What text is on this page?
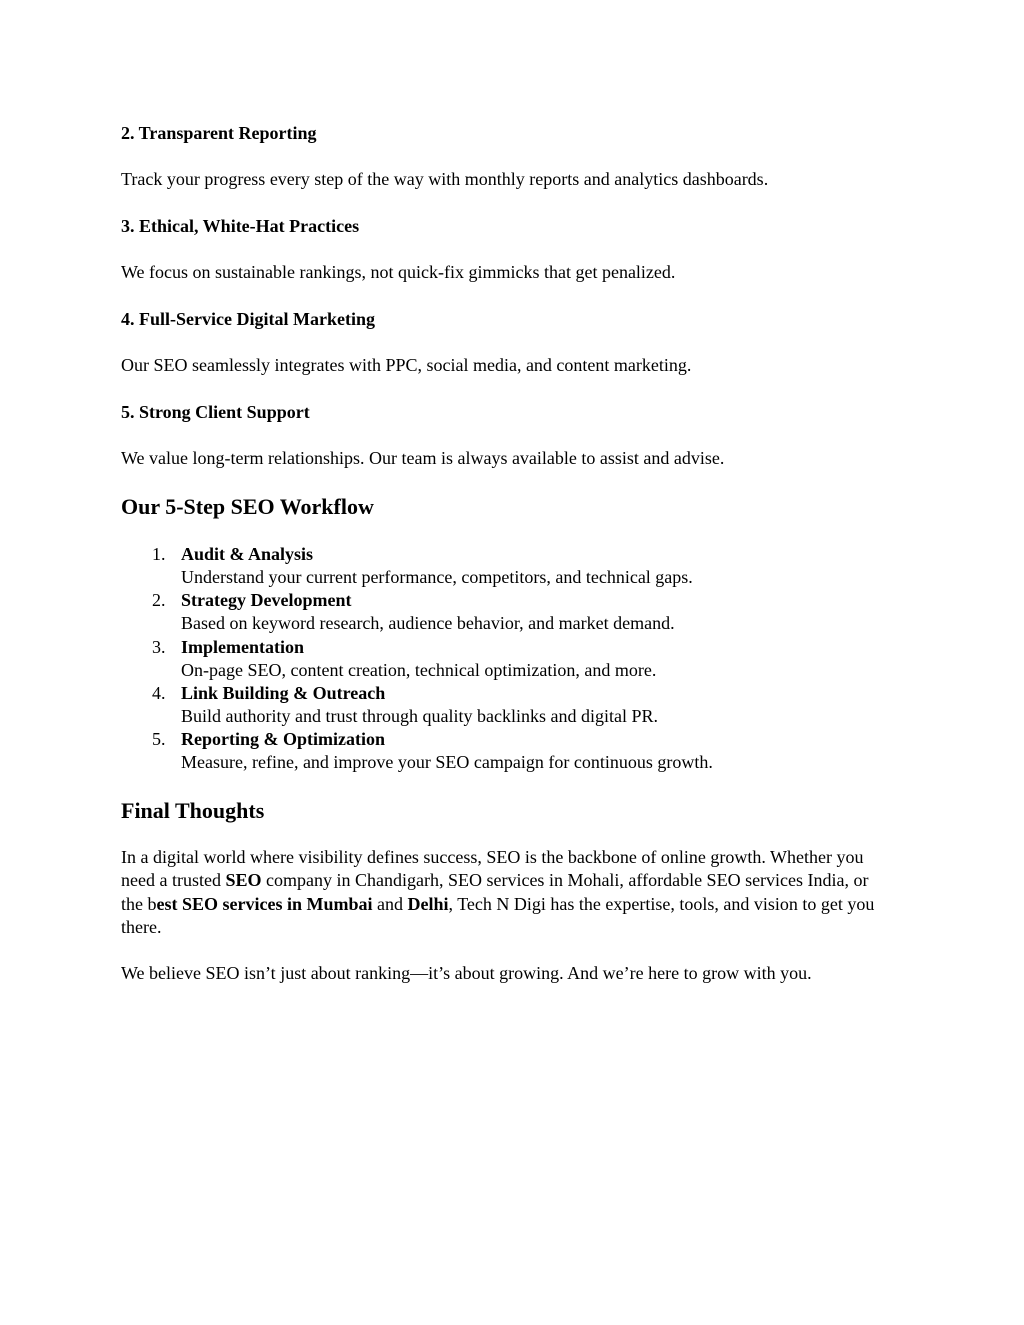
2. Transparent Reporting

Track your progress every step of the way with monthly reports and analytics dashboards.

3. Ethical, White-Hat Practices

We focus on sustainable rankings, not quick-fix gimmicks that get penalized.

4. Full-Service Digital Marketing

Our SEO seamlessly integrates with PPC, social media, and content marketing.

5. Strong Client Support

We value long-term relationships. Our team is always available to assist and advise.

Our 5-Step SEO Workflow

1. Audit & Analysis
Understand your current performance, competitors, and technical gaps.
2. Strategy Development
Based on keyword research, audience behavior, and market demand.
3. Implementation
On-page SEO, content creation, technical optimization, and more.
4. Link Building & Outreach
Build authority and trust through quality backlinks and digital PR.
5. Reporting & Optimization
Measure, refine, and improve your SEO campaign for continuous growth.

Final Thoughts

In a digital world where visibility defines success, SEO is the backbone of online growth. Whether you need a trusted SEO company in Chandigarh, SEO services in Mohali, affordable SEO services India, or the best SEO services in Mumbai and Delhi, Tech N Digi has the expertise, tools, and vision to get you there.

We believe SEO isn’t just about ranking—it’s about growing. And we’re here to grow with you.
